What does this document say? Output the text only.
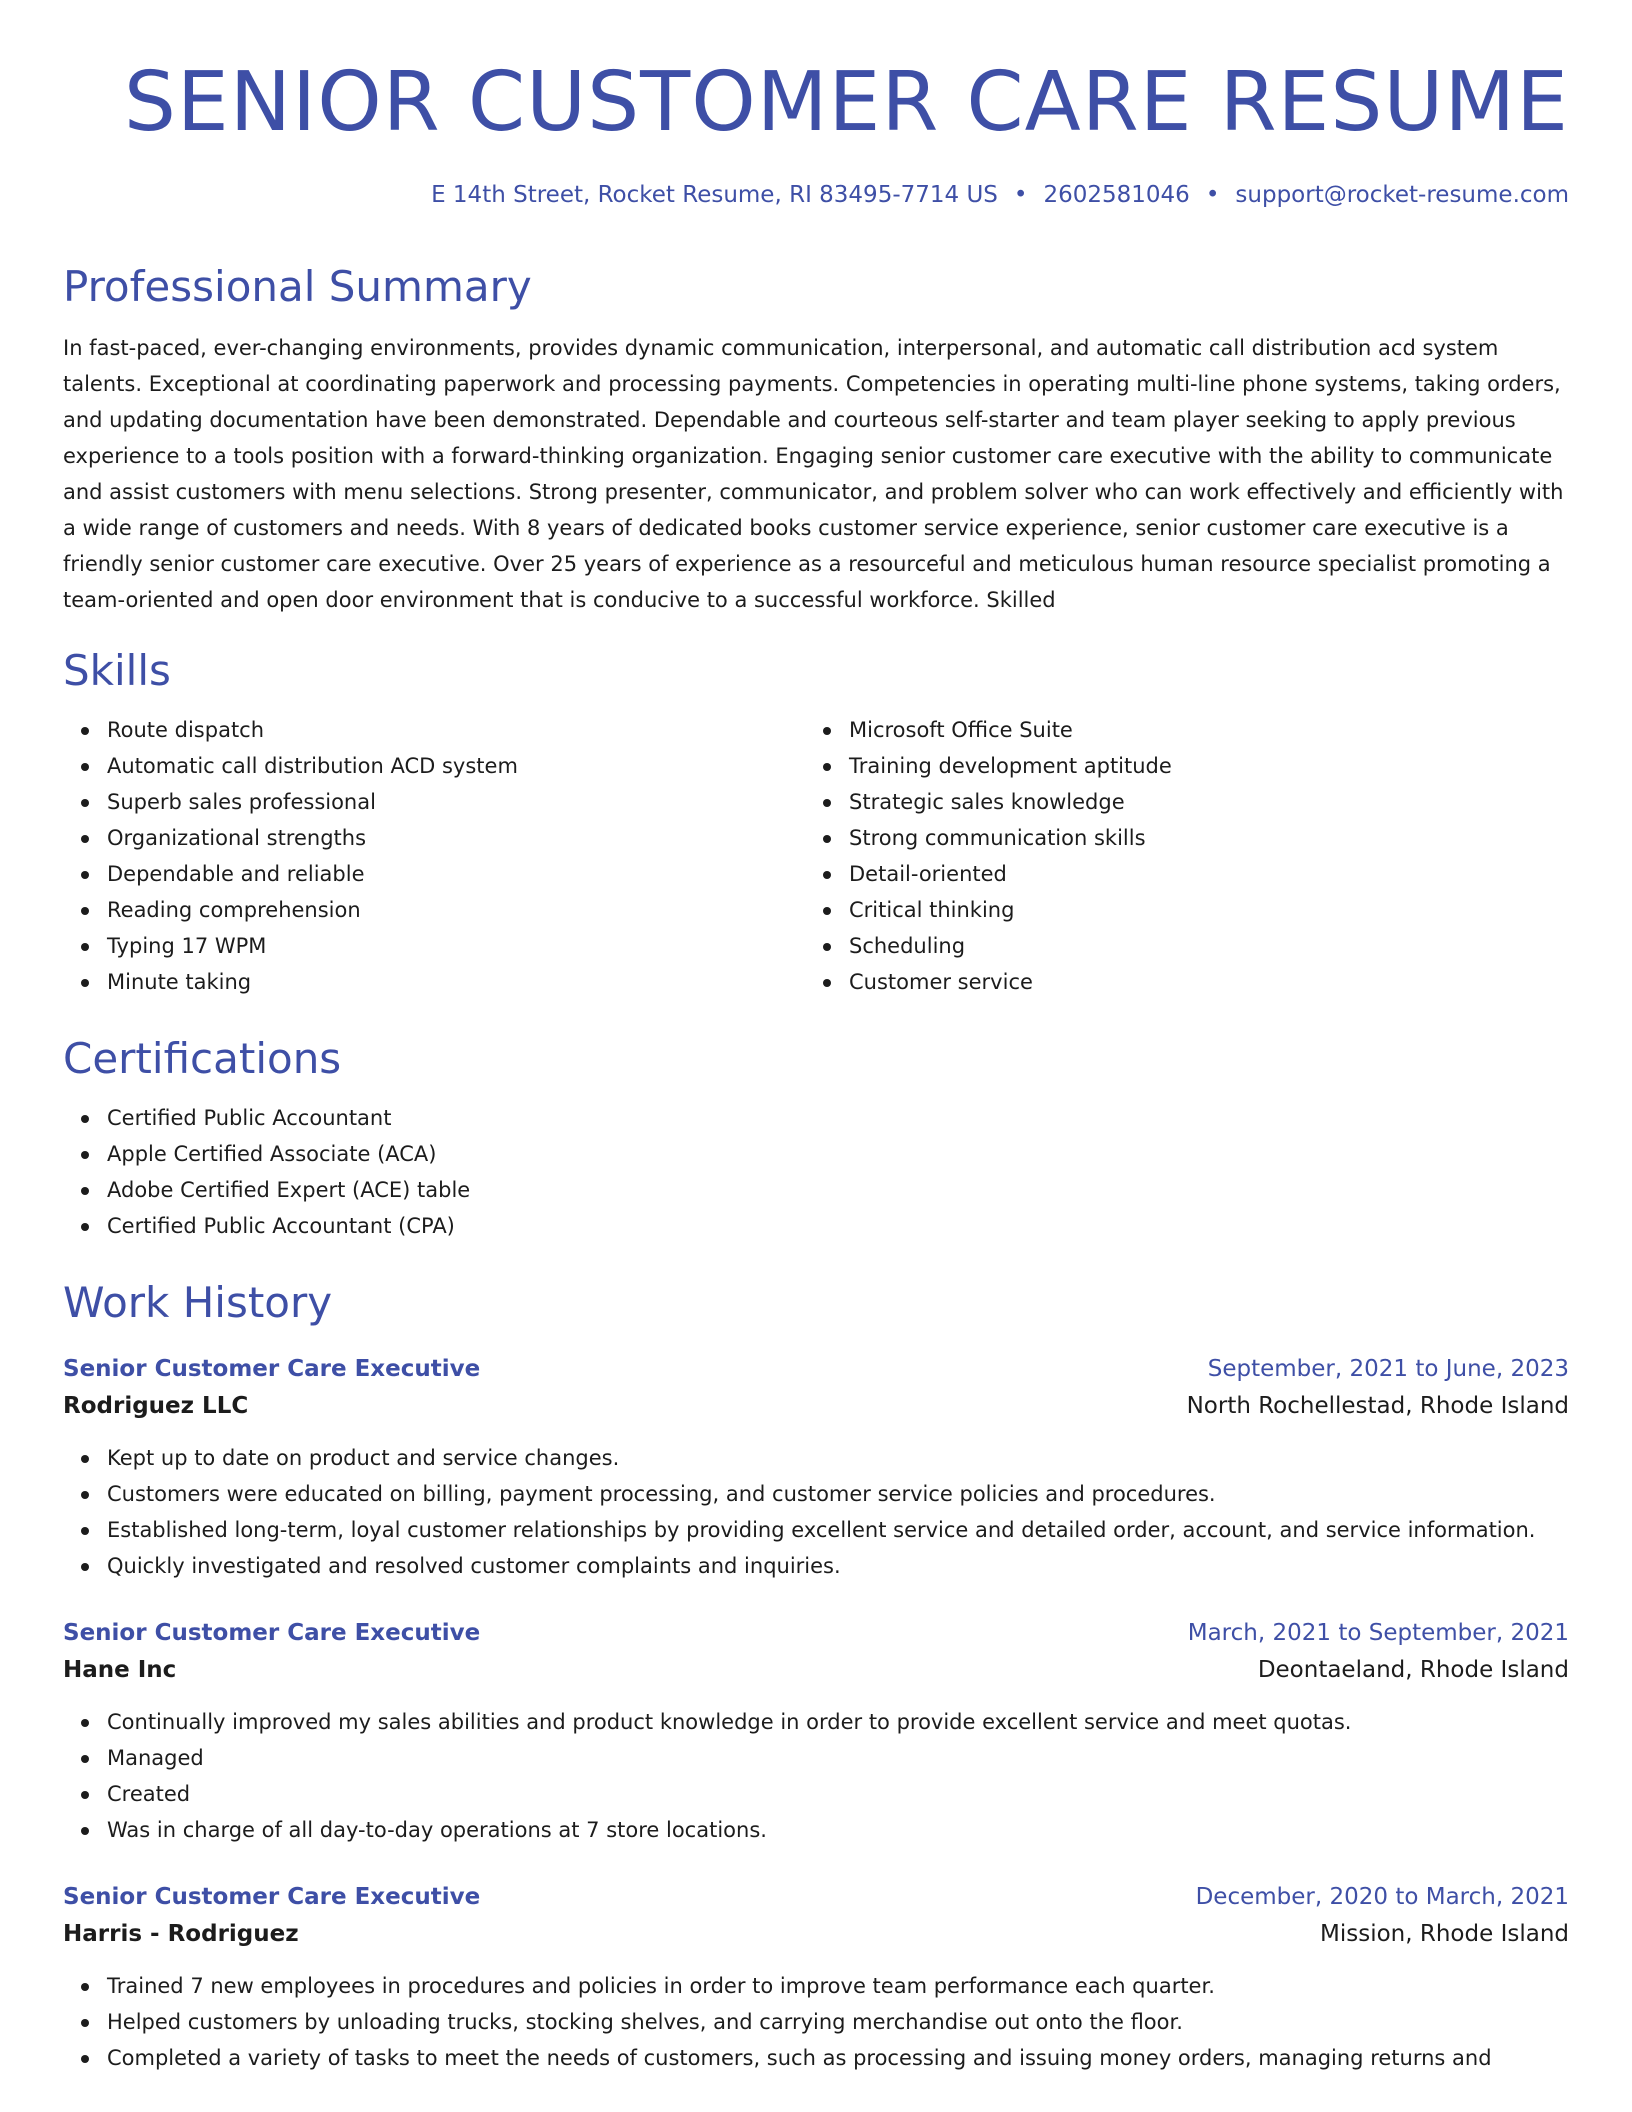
SENIOR CUSTOMER CARE RESUME
E 14th Street, Rocket Resume, RI 83495-7714 US • 2602581046 • support@rocket-resume.com
Professional Summary

In fast-paced, ever-changing environments, provides dynamic communication, interpersonal, and automatic call distribution acd system talents. Exceptional at coordinating paperwork and processing payments. Competencies in operating multi-line phone systems, taking orders, and updating documentation have been demonstrated. Dependable and courteous self-starter and team player seeking to apply previous experience to a tools position with a forward-thinking organization. Engaging senior customer care executive with the ability to communicate and assist customers with menu selections. Strong presenter, communicator, and problem solver who can work effectively and efficiently with a wide range of customers and needs. With 8 years of dedicated books customer service experience, senior customer care executive is a friendly senior customer care executive. Over 25 years of experience as a resourceful and meticulous human resource specialist promoting a team-oriented and open door environment that is conducive to a successful workforce. Skilled

Skills
Route dispatch
Automatic call distribution ACD system
Superb sales professional
Organizational strengths
Dependable and reliable
Reading comprehension
Typing 17 WPM
Minute taking
Microsoft Office Suite
Training development aptitude
Strategic sales knowledge
Strong communication skills
Detail-oriented
Critical thinking
Scheduling
Customer service
Certifications
Certified Public Accountant
Apple Certified Associate (ACA)
Adobe Certified Expert (ACE) table
Certified Public Accountant (CPA)
Work History
Senior Customer Care Executive	September, 2021 to June, 2023
Rodriguez LLC	North Rochellestad, Rhode Island
Kept up to date on product and service changes.
Customers were educated on billing, payment processing, and customer service policies and procedures.
Established long-term, loyal customer relationships by providing excellent service and detailed order, account, and service information.
Quickly investigated and resolved customer complaints and inquiries.
Senior Customer Care Executive	March, 2021 to September, 2021
Hane Inc	Deontaeland, Rhode Island
Continually improved my sales abilities and product knowledge in order to provide excellent service and meet quotas.
Managed
Created
Was in charge of all day-to-day operations at 7 store locations.
Senior Customer Care Executive	December, 2020 to March, 2021
Harris - Rodriguez	Mission, Rhode Island
Trained 7 new employees in procedures and policies in order to improve team performance each quarter.
Helped customers by unloading trucks, stocking shelves, and carrying merchandise out onto the floor.
Completed a variety of tasks to meet the needs of customers, such as processing and issuing money orders, managing returns and
